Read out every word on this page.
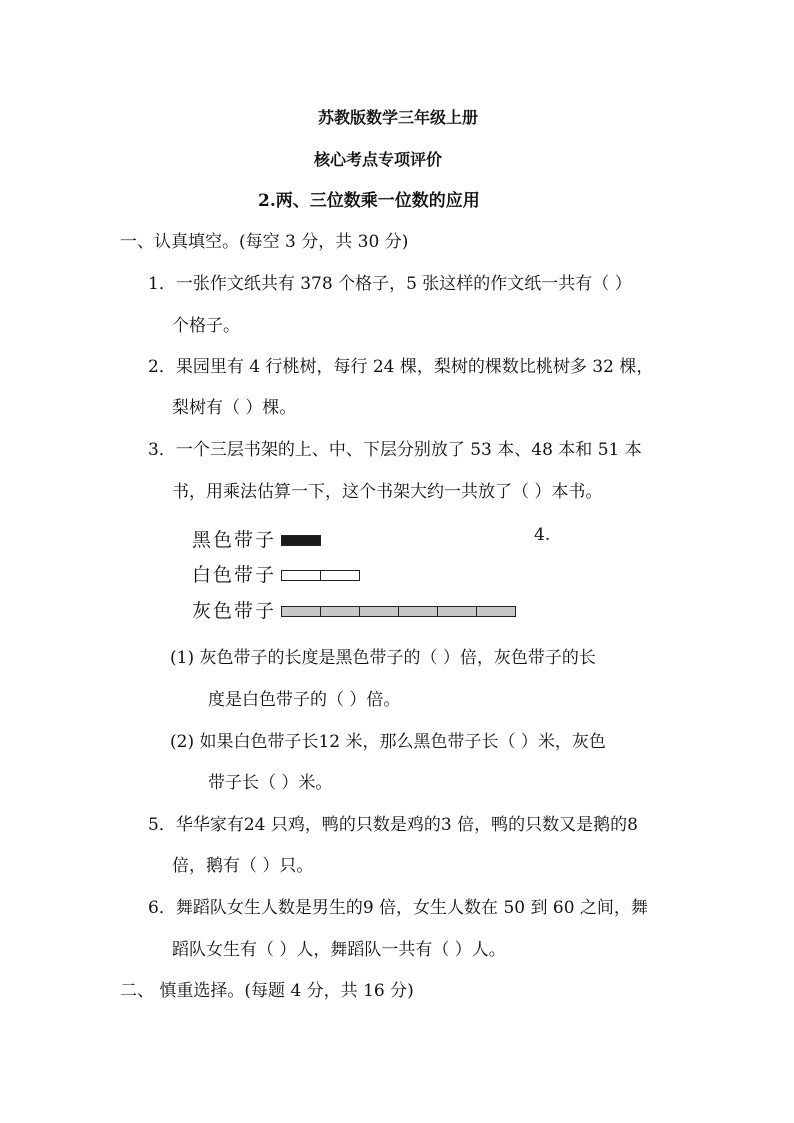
苏教版数学三年级上册
核心考点专项评价
2.两、三位数乘一位数的应用
一、认真填空。(每空 3 分，共 30 分)
1．一张作文纸共有 378 个格子，5 张这样的作文纸一共有（ ）
个格子。
2．果园里有 4 行桃树，每行 24 棵，梨树的棵数比桃树多 32 棵，
梨树有（ ）棵。
3．一个三层书架的上、中、下层分别放了 53 本、48 本和 51 本
书，用乘法估算一下，这个书架大约一共放了（ ）本书。
黑色带子	4.
白色带子
灰色带子
(1) 灰色带子的长度是黑色带子的（ ）倍，灰色带子的长
度是白色带子的（ ）倍。
(2) 如果白色带子长12 米，那么黑色带子长（ ）米，灰色
带子长（ ）米。
5．华华家有24 只鸡，鸭的只数是鸡的3 倍，鸭的只数又是鹅的8
倍，鹅有（ ）只。
6．舞蹈队女生人数是男生的9 倍，女生人数在 50 到 60 之间，舞
蹈队女生有（ ）人，舞蹈队一共有（ ）人。
二、 慎重选择。(每题 4 分，共 16 分)
